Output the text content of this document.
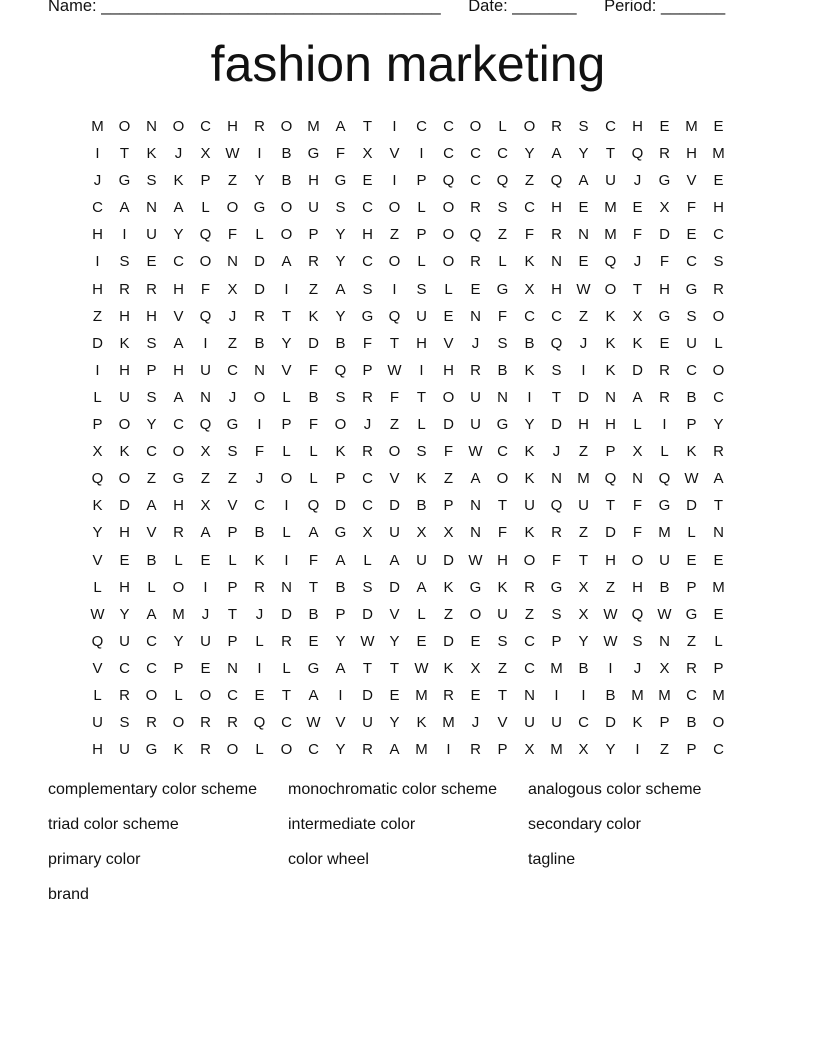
Name: _____________________________________ Date: _______ Period: _______
fashion marketing
M O	N	O	C	H	R	O M	A	T	I	C	C	O	L	O	R	S	C	H	E	M	E
I	T	K	J	X W	I	B	G	F	X	V	I	C	C	C	Y	A	Y	T	Q	R	H	M
J	G	S	K	P	Z	Y	B	H	G	E	I	P	Q	C	Q	Z	Q	A	U	J	G	V	E
C	A	N	A	L	O	G	O	U	S	C	O	L	O	R	S	C	H	E	M	E	X	F	H
H	I	U	Y	Q	F	L	O	P	Y	H	Z	P	O	Q	Z	F	R	N	M	F	D	E	C
I	S	E	C	O	N	D	A	R	Y	C	O	L	O	R	L	K	N	E	Q	J	F	C	S
H	R	R	H	F	X	D	I	Z	A	S	I	S	L	E	G	X	H W O	T	H	G	R
Z	H	H	V	Q	J	R	T	K	Y	G	Q	U	E	N	F	C	C	Z	K	X	G	S	O
D	K	S	A	I	Z	B	Y	D	B	F	T	H	V	J	S	B	Q	J	K	K	E	U	L
I	H	P	H	U	C	N	V	F	Q	P W	I	H	R	B	K	S	I	K	D	R	C	O
L	U	S	A	N	J	O	L	B	S	R	F	T	O	U	N	I	T	D	N	A	R	B	C
P	O	Y	C	Q	G	I	P	F	O	J	Z	L	D	U	G	Y	D	H	H	L	I	P	Y
X	K	C	O	X	S	F	L	L	K	R	O	S	F	W C	K	J	Z	P	X	L	K	R
Q	O	Z	G	Z	Z	J	O	L	P	C	V	K	Z	A	O	K	N	M Q	N	Q W A
K	D	A	H	X	V	C	I	Q	D	C	D	B	P	N	T	U	Q	U	T	F	G	D	T
Y	H	V	R	A	P	B	L	A	G	X	U	X	X	N	F	K	R	Z	D	F	M	L	N
V	E	B	L	E	L	K	I	F	A	L	A	U	D W H	O	F	T	H	O	U	E	E
L	H	L	O	I	P	R	N	T	B	S	D	A	K	G	K	R	G	X	Z	H	B	P	M
W Y	A	M	J	T	J	D	B	P	D	V	L	Z	O	U	Z	S	X W Q W G	E
Q	U	C	Y	U	P	L	R	E	Y W Y	E	D	E	S	C	P	Y W S	N	Z	L
V	C	C	P	E	N	I	L	G	A	T	T	W K	X	Z	C	M	B	I	J	X	R	P
L	R	O	L	O	C	E	T	A	I	D	E	M	R	E	T	N	I	I	B	M M	C	M
U	S	R	O	R	R	Q	C W V	U	Y	K	M	J	V	U	U	C	D	K	P	B	O
H	U	G	K	R	O	L	O	C	Y	R	A	M	I	R	P	X	M	X	Y	I	Z	P	C
complementary color scheme	monochromatic color scheme	analogous color scheme
triad color scheme	intermediate color	secondary color
primary color	color wheel	tagline
brand
